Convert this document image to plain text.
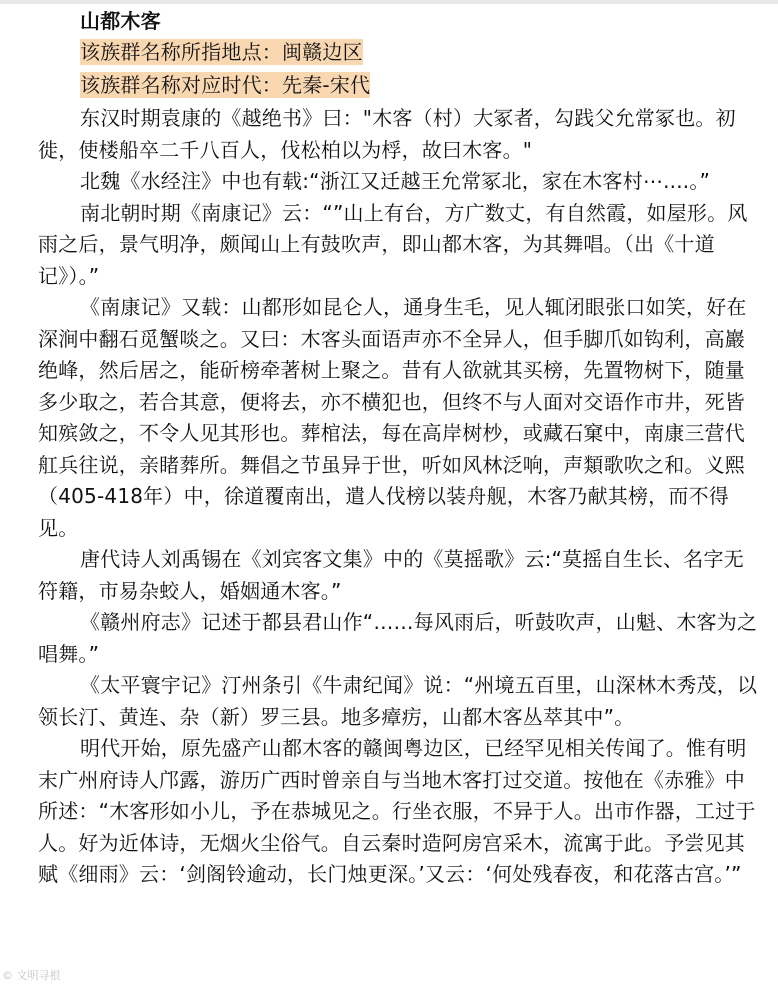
山都木客
该族群名称所指地点：闽赣边区
该族群名称对应时代：先秦-宋代

东汉时期袁康的《越绝书》曰："木客（村）大冢者，勾践父允常冢也。初徙，使楼船卒二千八百人，伐松柏以为桴，故曰木客。"

北魏《水经注》中也有载:“浙江又迁越王允常冢北，家在木客村⋯....。”

南北朝时期《南康记》云：“”山上有台，方广数丈，有自然霞，如屋形。风雨之后，景气明净，颇闻山上有鼓吹声，即山都木客，为其舞唱。（出《十道记》）。”

《南康记》又载：山都形如昆仑人，通身生毛，见人辄闭眼张口如笑，好在深涧中翻石觅蟹啖之。又曰：木客头面语声亦不全异人，但手脚爪如钩利，高巖绝峰，然后居之，能斫榜牵著树上聚之。昔有人欲就其买榜，先置物树下，随量多少取之，若合其意，便将去，亦不横犯也，但终不与人面对交语作市井，死皆知殡敛之，不令人见其形也。葬棺法，每在高岸树杪，或藏石窠中，南康三营代舡兵往说，亲睹葬所。舞倡之节虽异于世，听如风林泛响，声類歌吹之和。义熙（405-418年）中，徐道覆南出，遣人伐榜以装舟舰，木客乃献其榜，而不得见。

唐代诗人刘禹锡在《刘宾客文集》中的《莫摇歌》云:“莫摇自生长、名字无符籍，市易杂蛟人，婚姻通木客。”

《赣州府志》记述于都县君山作“……每风雨后，听鼓吹声，山魁、木客为之唱舞。”

《太平寰宇记》汀州条引《牛肃纪闻》说：“州境五百里，山深林木秀茂，以领长汀、黄连、杂（新）罗三县。地多瘴疠，山都木客丛萃其中”。

明代开始，原先盛产山都木客的赣闽粤边区，已经罕见相关传闻了。惟有明末广州府诗人邝露，游历广西时曾亲自与当地木客打过交道。按他在《赤雅》中所述：“木客形如小儿，予在恭城见之。行坐衣服，不异于人。出市作器，工过于人。好为近体诗，无烟火尘俗气。自云秦时造阿房宫采木，流寓于此。予尝见其赋《细雨》云：‘剑阁铃逾动，长门烛更深。’又云：‘何处残春夜，和花落古宫。’”

© 文明寻根
